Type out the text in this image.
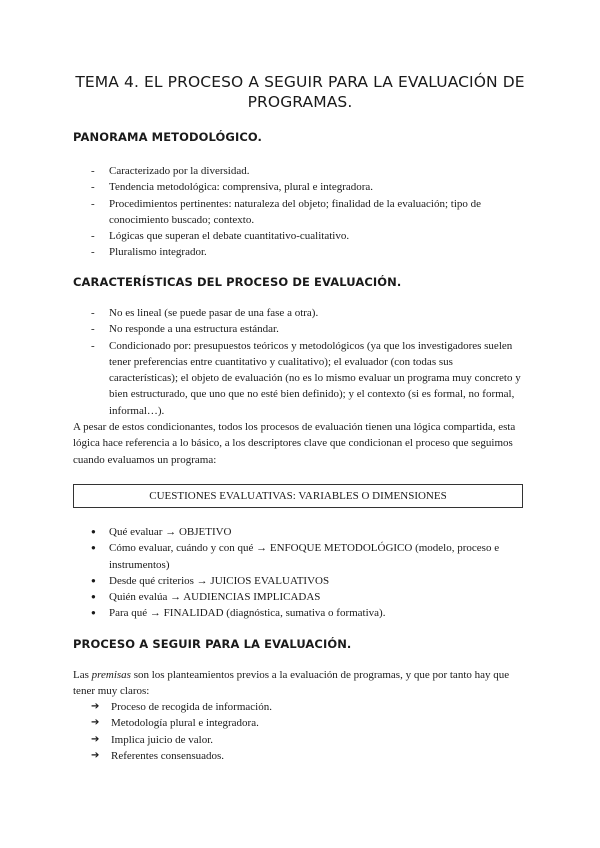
TEMA 4. EL PROCESO A SEGUIR PARA LA EVALUACIÓN DE PROGRAMAS.
PANORAMA METODOLÓGICO.
- Caracterizado por la diversidad.
- Tendencia metodológica: comprensiva, plural e integradora.
- Procedimientos pertinentes: naturaleza del objeto; finalidad de la evaluación; tipo de conocimiento buscado; contexto.
- Lógicas que superan el debate cuantitativo-cualitativo.
- Pluralismo integrador.
CARACTERÍSTICAS DEL PROCESO DE EVALUACIÓN.
- No es lineal (se puede pasar de una fase a otra).
- No responde a una estructura estándar.
- Condicionado por: presupuestos teóricos y metodológicos (ya que los investigadores suelen tener preferencias entre cuantitativo y cualitativo); el evaluador (con todas sus características); el objeto de evaluación (no es lo mismo evaluar un programa muy concreto y bien estructurado, que uno que no esté bien definido); y el contexto (si es formal, no formal, informal…).
A pesar de estos condicionantes, todos los procesos de evaluación tienen una lógica compartida, esta lógica hace referencia a lo básico, a los descriptores clave que condicionan el proceso que seguimos cuando evaluamos un programa:
CUESTIONES EVALUATIVAS: VARIABLES O DIMENSIONES
● Qué evaluar → OBJETIVO
● Cómo evaluar, cuándo y con qué → ENFOQUE METODOLÓGICO (modelo, proceso e instrumentos)
● Desde qué criterios → JUICIOS EVALUATIVOS
● Quién evalúa → AUDIENCIAS IMPLICADAS
● Para qué → FINALIDAD (diagnóstica, sumativa o formativa).
PROCESO A SEGUIR PARA LA EVALUACIÓN.
Las premisas son los planteamientos previos a la evaluación de programas, y que por tanto hay que tener muy claros:
➔ Proceso de recogida de información.
➔ Metodología plural e integradora.
➔ Implica juicio de valor.
➔ Referentes consensuados.
